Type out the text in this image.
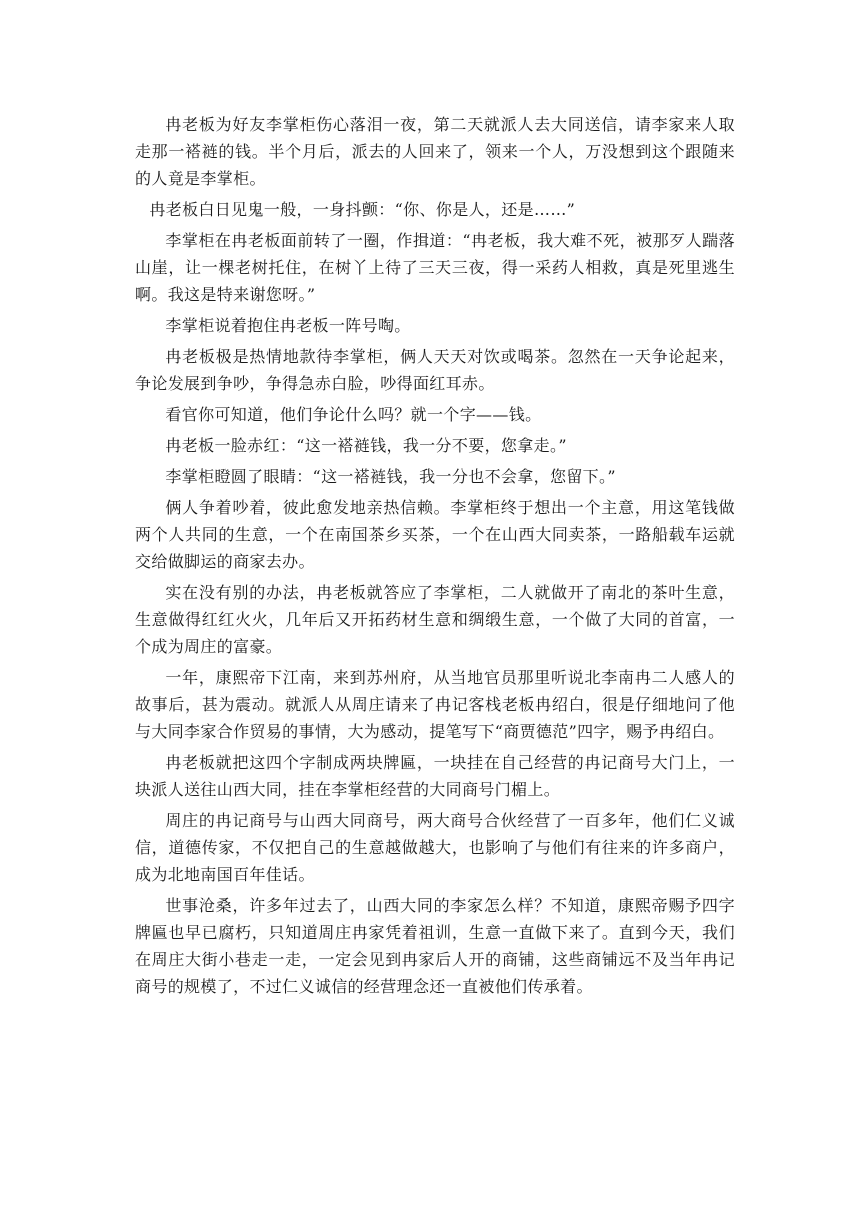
冉老板为好友李掌柜伤心落泪一夜，第二天就派人去大同送信，请李家来人取走那一褡裢的钱。半个月后，派去的人回来了，领来一个人，万没想到这个跟随来的人竟是李掌柜。

冉老板白日见鬼一般，一身抖颤：“你、你是人，还是……”

李掌柜在冉老板面前转了一圈，作揖道：“冉老板，我大难不死，被那歹人踹落山崖，让一棵老树托住，在树丫上待了三天三夜，得一采药人相救，真是死里逃生啊。我这是特来谢您呀。”

李掌柜说着抱住冉老板一阵号啕。

冉老板极是热情地款待李掌柜，俩人天天对饮或喝茶。忽然在一天争论起来，争论发展到争吵，争得急赤白脸，吵得面红耳赤。

看官你可知道，他们争论什么吗？就一个字——钱。

冉老板一脸赤红：“这一褡裢钱，我一分不要，您拿走。”

李掌柜瞪圆了眼睛：“这一褡裢钱，我一分也不会拿，您留下。”

俩人争着吵着，彼此愈发地亲热信赖。李掌柜终于想出一个主意，用这笔钱做两个人共同的生意，一个在南国茶乡买茶，一个在山西大同卖茶，一路船载车运就交给做脚运的商家去办。

实在没有别的办法，冉老板就答应了李掌柜，二人就做开了南北的茶叶生意，生意做得红红火火，几年后又开拓药材生意和绸缎生意，一个做了大同的首富，一个成为周庄的富豪。

一年，康熙帝下江南，来到苏州府，从当地官员那里听说北李南冉二人感人的故事后，甚为震动。就派人从周庄请来了冉记客栈老板冉绍白，很是仔细地问了他与大同李家合作贸易的事情，大为感动，提笔写下“商贾德范”四字，赐予冉绍白。

冉老板就把这四个字制成两块牌匾，一块挂在自己经营的冉记商号大门上，一块派人送往山西大同，挂在李掌柜经营的大同商号门楣上。

周庄的冉记商号与山西大同商号，两大商号合伙经营了一百多年，他们仁义诚信，道德传家，不仅把自己的生意越做越大，也影响了与他们有往来的许多商户，成为北地南国百年佳话。

世事沧桑，许多年过去了，山西大同的李家怎么样？不知道，康熙帝赐予四字牌匾也早已腐朽，只知道周庄冉家凭着祖训，生意一直做下来了。直到今天，我们在周庄大街小巷走一走，一定会见到冉家后人开的商铺，这些商铺远不及当年冉记商号的规模了，不过仁义诚信的经营理念还一直被他们传承着。
